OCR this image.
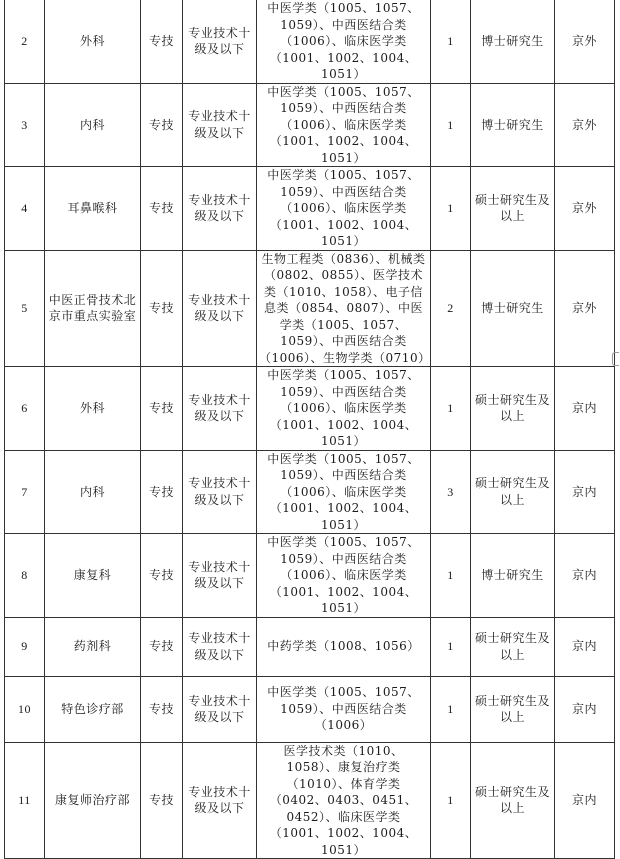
2	外科	专技	专业技术十级及以下	中医学类（1005、1057、1059）、中西医结合类（1006）、临床医学类（1001、1002、1004、1051）	1	博士研究生	京外
3	内科	专技	专业技术十级及以下	中医学类（1005、1057、1059）、中西医结合类（1006）、临床医学类（1001、1002、1004、1051）	1	博士研究生	京外
4	耳鼻喉科	专技	专业技术十级及以下	中医学类（1005、1057、1059）、中西医结合类（1006）、临床医学类（1001、1002、1004、1051）	1	硕士研究生及以上	京外
5	中医正骨技术北京市重点实验室	专技	专业技术十级及以下	生物工程类（0836）、机械类（0802、0855）、医学技术类（1010、1058）、电子信息类（0854、0807）、中医学类（1005、1057、1059）、中西医结合类（1006）、生物学类（0710）	2	博士研究生	京外
6	外科	专技	专业技术十级及以下	中医学类（1005、1057、1059）、中西医结合类（1006）、临床医学类（1001、1002、1004、1051）	1	硕士研究生及以上	京内
7	内科	专技	专业技术十级及以下	中医学类（1005、1057、1059）、中西医结合类（1006）、临床医学类（1001、1002、1004、1051）	3	硕士研究生及以上	京内
8	康复科	专技	专业技术十级及以下	中医学类（1005、1057、1059）、中西医结合类（1006）、临床医学类（1001、1002、1004、1051）	1	博士研究生	京内
9	药剂科	专技	专业技术十级及以下	中药学类（1008、1056）	1	硕士研究生及以上	京内
10	特色诊疗部	专技	专业技术十级及以下	中医学类（1005、1057、1059）、中西医结合类（1006）	1	硕士研究生及以上	京内
11	康复师治疗部	专技	专业技术十级及以下	医学技术类（1010、1058）、康复治疗类（1010）、体育学类（0402、0403、0451、0452）、临床医学类（1001、1002、1004、1051）	1	硕士研究生及以上	京内
